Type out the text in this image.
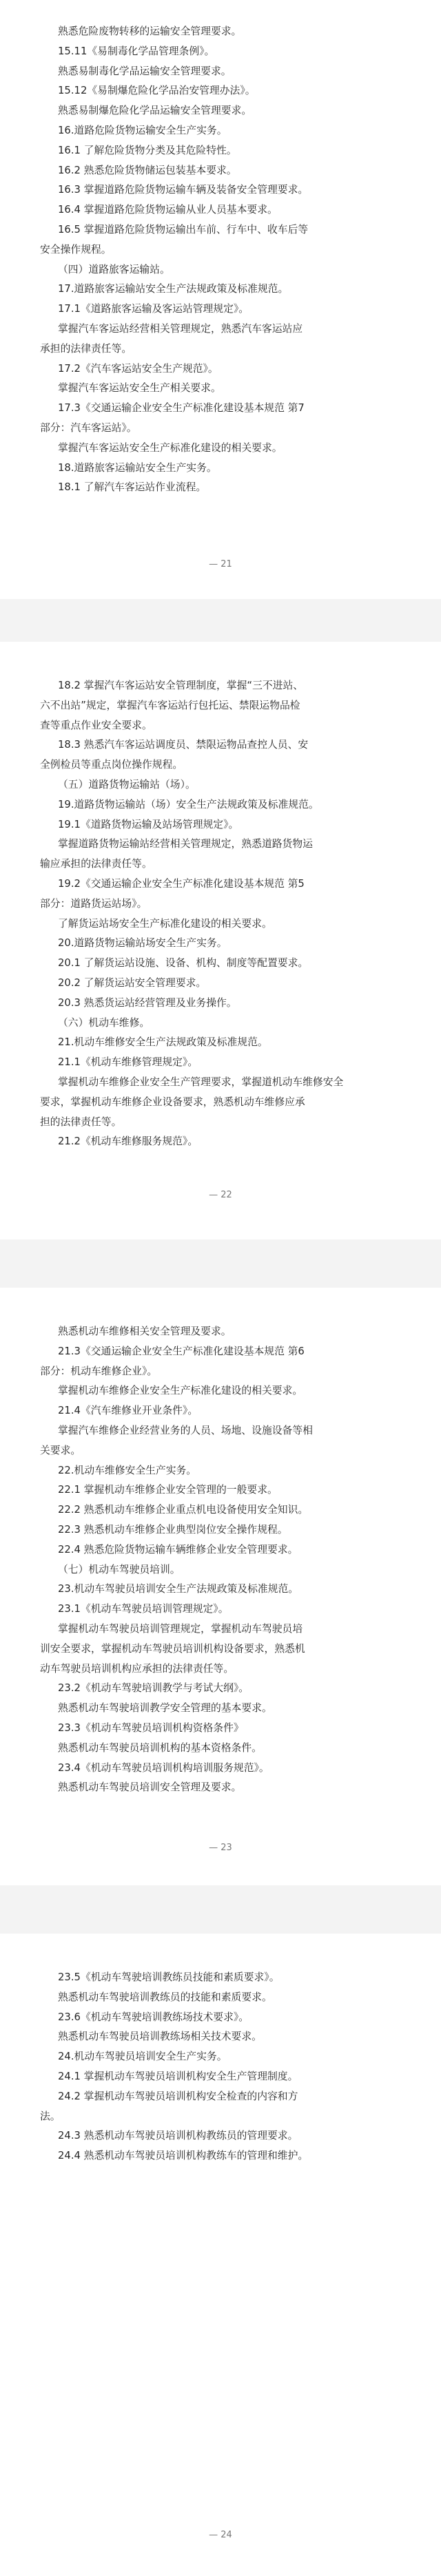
熟悉危险废物转移的运输安全管理要求。
15.11《易制毒化学品管理条例》。
熟悉易制毒化学品运输安全管理要求。
15.12《易制爆危险化学品治安管理办法》。
熟悉易制爆危险化学品运输安全管理要求。
16.道路危险货物运输安全生产实务。
16.1 了解危险货物分类及其危险特性。
16.2 熟悉危险货物储运包装基本要求。
16.3 掌握道路危险货物运输车辆及装备安全管理要求。
16.4 掌握道路危险货物运输从业人员基本要求。
16.5 掌握道路危险货物运输出车前、行车中、收车后等
安全操作规程。
（四）道路旅客运输站。
17.道路旅客运输站安全生产法规政策及标准规范。
17.1《道路旅客运输及客运站管理规定》。
掌握汽车客运站经营相关管理规定，熟悉汽车客运站应
承担的法律责任等。
17.2《汽车客运站安全生产规范》。
掌握汽车客运站安全生产相关要求。
17.3《交通运输企业安全生产标准化建设基本规范 第7
部分：汽车客运站》。
掌握汽车客运站安全生产标准化建设的相关要求。
18.道路旅客运输站安全生产实务。
18.1 了解汽车客运站作业流程。
— 21
18.2 掌握汽车客运站安全管理制度，掌握“三不进站、
六不出站”规定，掌握汽车客运站行包托运、禁限运物品检
查等重点作业安全要求。
18.3 熟悉汽车客运站调度员、禁限运物品查控人员、安
全例检员等重点岗位操作规程。
（五）道路货物运输站（场）。
19.道路货物运输站（场）安全生产法规政策及标准规范。
19.1《道路货物运输及站场管理规定》。
掌握道路货物运输站经营相关管理规定，熟悉道路货物运
输应承担的法律责任等。
19.2《交通运输企业安全生产标准化建设基本规范 第5
部分：道路货运站场》。
了解货运站场安全生产标准化建设的相关要求。
20.道路货物运输站场安全生产实务。
20.1 了解货运站设施、设备、机构、制度等配置要求。
20.2 了解货运站安全管理要求。
20.3 熟悉货运站经营管理及业务操作。
（六）机动车维修。
21.机动车维修安全生产法规政策及标准规范。
21.1《机动车维修管理规定》。
掌握机动车维修企业安全生产管理要求，掌握道机动车维修安全
要求，掌握机动车维修企业设备要求，熟悉机动车维修应承
担的法律责任等。
21.2《机动车维修服务规范》。
— 22
熟悉机动车维修相关安全管理及要求。
21.3《交通运输企业安全生产标准化建设基本规范 第6
部分：机动车维修企业》。
掌握机动车维修企业安全生产标准化建设的相关要求。
21.4《汽车维修业开业条件》。
掌握汽车维修企业经营业务的人员、场地、设施设备等相
关要求。
22.机动车维修安全生产实务。
22.1 掌握机动车维修企业安全管理的一般要求。
22.2 熟悉机动车维修企业重点机电设备使用安全知识。
22.3 熟悉机动车维修企业典型岗位安全操作规程。
22.4 熟悉危险货物运输车辆维修企业安全管理要求。
（七）机动车驾驶员培训。
23.机动车驾驶员培训安全生产法规政策及标准规范。
23.1《机动车驾驶员培训管理规定》。
掌握机动车驾驶员培训管理规定，掌握机动车驾驶员培
训安全要求，掌握机动车驾驶员培训机构设备要求，熟悉机
动车驾驶员培训机构应承担的法律责任等。
23.2《机动车驾驶培训教学与考试大纲》。
熟悉机动车驾驶培训教学安全管理的基本要求。
23.3《机动车驾驶员培训机构资格条件》
熟悉机动车驾驶员培训机构的基本资格条件。
23.4《机动车驾驶员培训机构培训服务规范》。
熟悉机动车驾驶员培训安全管理及要求。
— 23
23.5《机动车驾驶培训教练员技能和素质要求》。
熟悉机动车驾驶培训教练员的技能和素质要求。
23.6《机动车驾驶培训教练场技术要求》。
熟悉机动车驾驶员培训教练场相关技术要求。
24.机动车驾驶员培训安全生产实务。
24.1 掌握机动车驾驶员培训机构安全生产管理制度。
24.2 掌握机动车驾驶员培训机构安全检查的内容和方
法。
24.3 熟悉机动车驾驶员培训机构教练员的管理要求。
24.4 熟悉机动车驾驶员培训机构教练车的管理和维护。
— 24
